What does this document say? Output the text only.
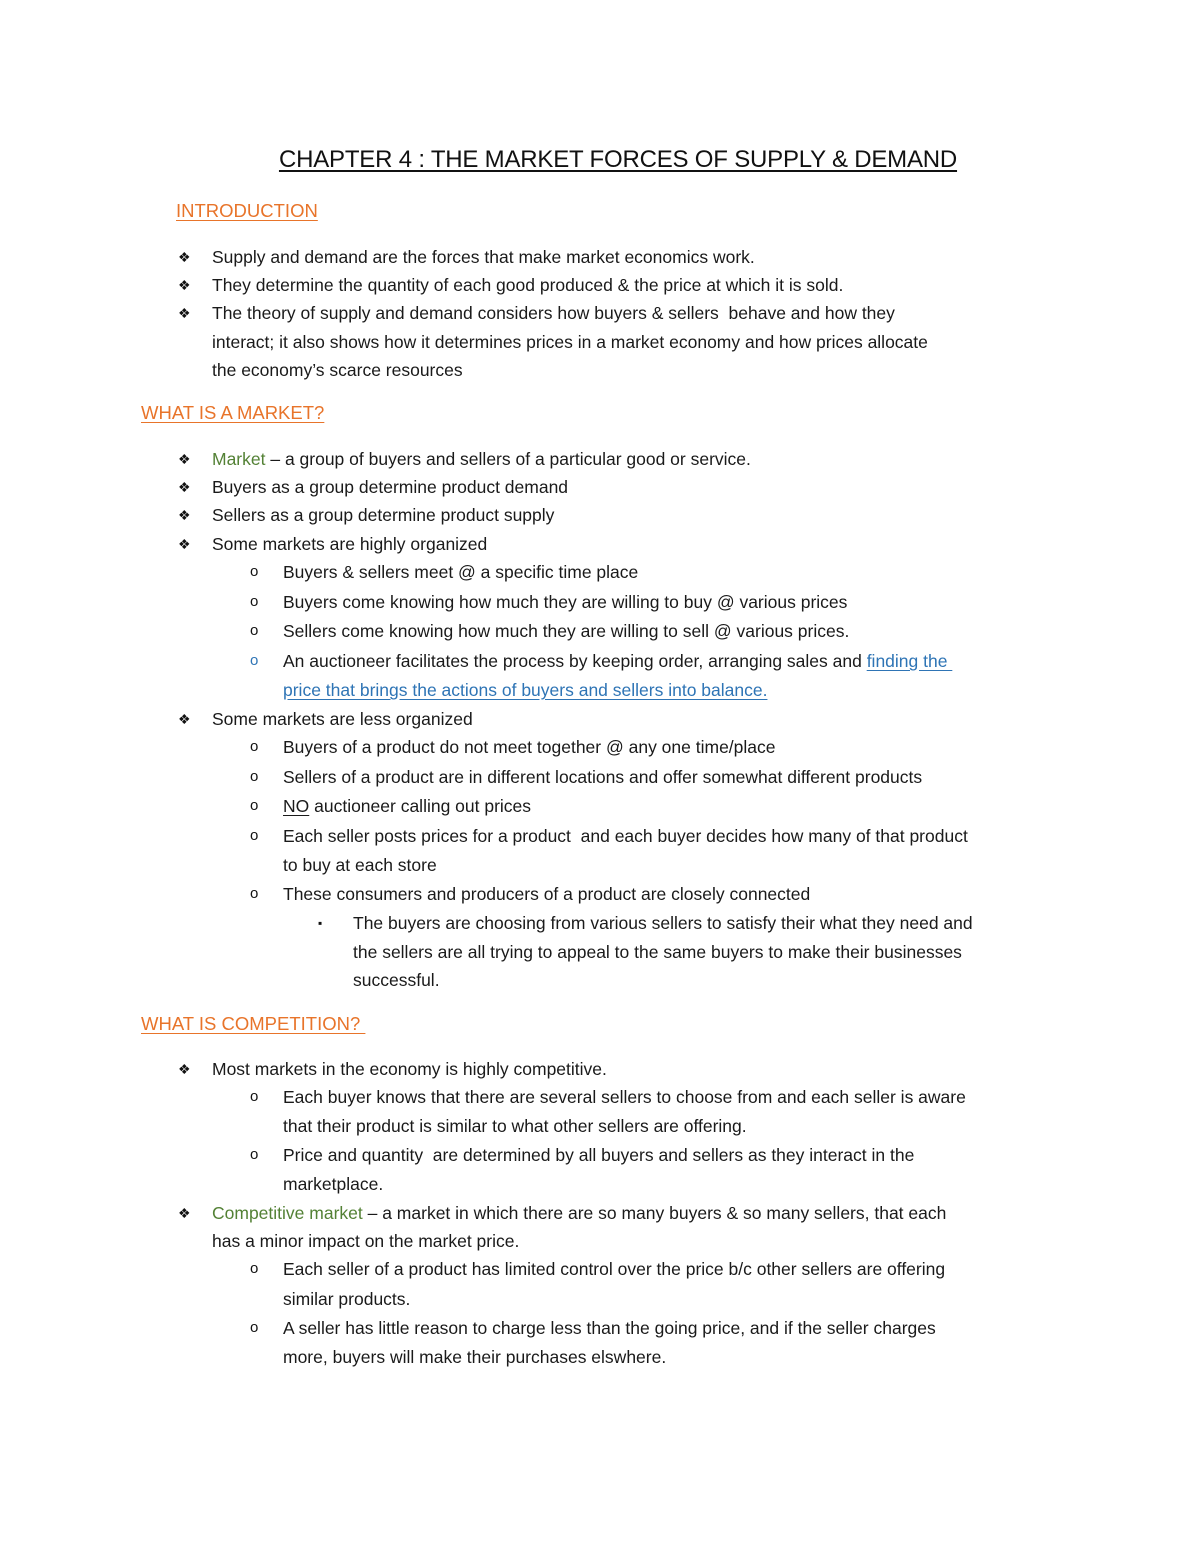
CHAPTER 4 : THE MARKET FORCES OF SUPPLY & DEMAND
INTRODUCTION
❖ Supply and demand are the forces that make market economics work.
❖ They determine the quantity of each good produced & the price at which it is sold.
❖ The theory of supply and demand considers how buyers & sellers  behave and how they
interact; it also shows how it determines prices in a market economy and how prices allocate
the economy’s scarce resources
WHAT IS A MARKET?
❖ Market – a group of buyers and sellers of a particular good or service.
❖ Buyers as a group determine product demand
❖ Sellers as a group determine product supply
❖ Some markets are highly organized
o Buyers & sellers meet @ a specific time place
o Buyers come knowing how much they are willing to buy @ various prices
o Sellers come knowing how much they are willing to sell @ various prices.
o An auctioneer facilitates the process by keeping order, arranging sales and finding the
price that brings the actions of buyers and sellers into balance.
❖ Some markets are less organized
o Buyers of a product do not meet together @ any one time/place
o Sellers of a product are in different locations and offer somewhat different products
o NO auctioneer calling out prices
o Each seller posts prices for a product  and each buyer decides how many of that product
to buy at each store
o These consumers and producers of a product are closely connected
▪ The buyers are choosing from various sellers to satisfy their what they need and
the sellers are all trying to appeal to the same buyers to make their businesses
successful.
WHAT IS COMPETITION?
❖ Most markets in the economy is highly competitive.
o Each buyer knows that there are several sellers to choose from and each seller is aware
that their product is similar to what other sellers are offering.
o Price and quantity  are determined by all buyers and sellers as they interact in the
marketplace.
❖ Competitive market – a market in which there are so many buyers & so many sellers, that each
has a minor impact on the market price.
o Each seller of a product has limited control over the price b/c other sellers are offering
similar products.
o A seller has little reason to charge less than the going price, and if the seller charges
more, buyers will make their purchases elswhere.
